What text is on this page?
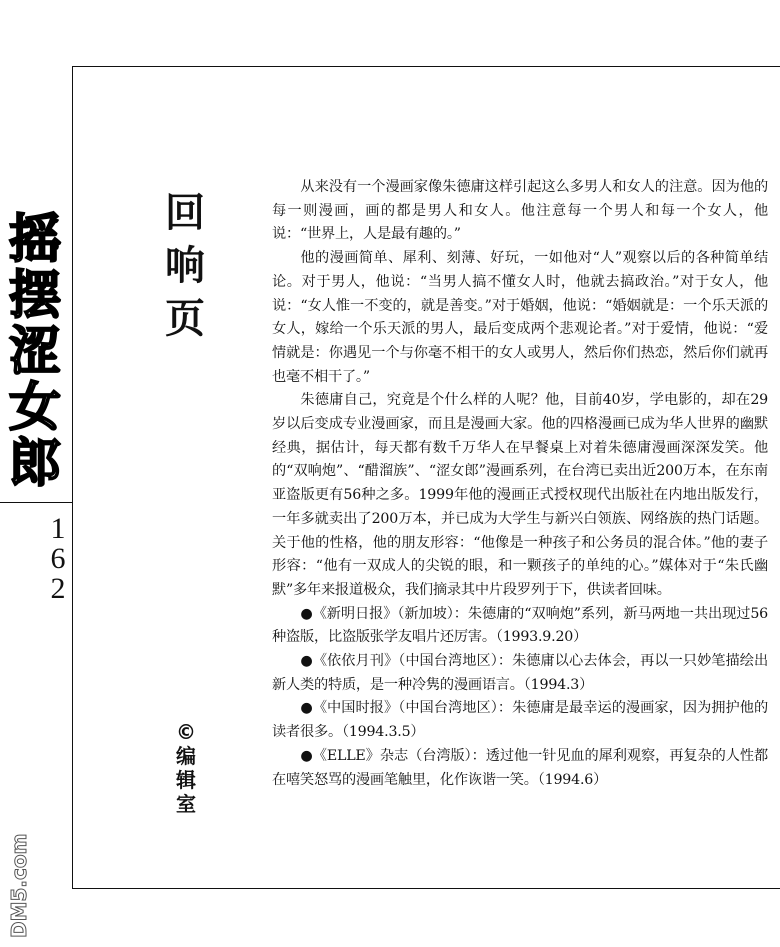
摇
摆
涩
女
郎
1
6
2
回
响
页
©
编
辑
室

从来没有一个漫画家像朱德庸这样引起这么多男人和女人的注意。因为他的每一则漫画，画的都是男人和女人。他注意每一个男人和每一个女人，他说：“世界上，人是最有趣的。”

他的漫画简单、犀利、刻薄、好玩，一如他对“人”观察以后的各种简单结论。对于男人，他说：“当男人搞不懂女人时，他就去搞政治。”对于女人，他说：“女人惟一不变的，就是善变。”对于婚姻，他说：“婚姻就是：一个乐天派的女人，嫁给一个乐天派的男人，最后变成两个悲观论者。”对于爱情，他说：“爱情就是：你遇见一个与你毫不相干的女人或男人，然后你们热恋，然后你们就再也毫不相干了。”

朱德庸自己，究竟是个什么样的人呢？他，目前40岁，学电影的，却在29岁以后变成专业漫画家，而且是漫画大家。他的四格漫画已成为华人世界的幽默经典，据估计，每天都有数千万华人在早餐桌上对着朱德庸漫画深深发笑。他的“双响炮”、“醋溜族”、“涩女郎”漫画系列，在台湾已卖出近200万本，在东南亚盗版更有56种之多。1999年他的漫画正式授权现代出版社在内地出版发行，一年多就卖出了200万本，并已成为大学生与新兴白领族、网络族的热门话题。关于他的性格，他的朋友形容：“他像是一种孩子和公务员的混合体。”他的妻子形容：“他有一双成人的尖锐的眼，和一颗孩子的单纯的心。”媒体对于“朱氏幽默”多年来报道极众，我们摘录其中片段罗列于下，供读者回味。

●《新明日报》（新加坡）：朱德庸的“双响炮”系列，新马两地一共出现过56种盗版，比盗版张学友唱片还厉害。（1993.9.20）

●《依依月刊》（中国台湾地区）：朱德庸以心去体会，再以一只妙笔描绘出新人类的特质，是一种冷隽的漫画语言。（1994.3）

●《中国时报》（中国台湾地区）：朱德庸是最幸运的漫画家，因为拥护他的读者很多。（1994.3.5）

●《ELLE》杂志（台湾版）：透过他一针见血的犀利观察，再复杂的人性都在嘻笑怒骂的漫画笔触里，化作诙谐一笑。（1994.6）

DM5.com
